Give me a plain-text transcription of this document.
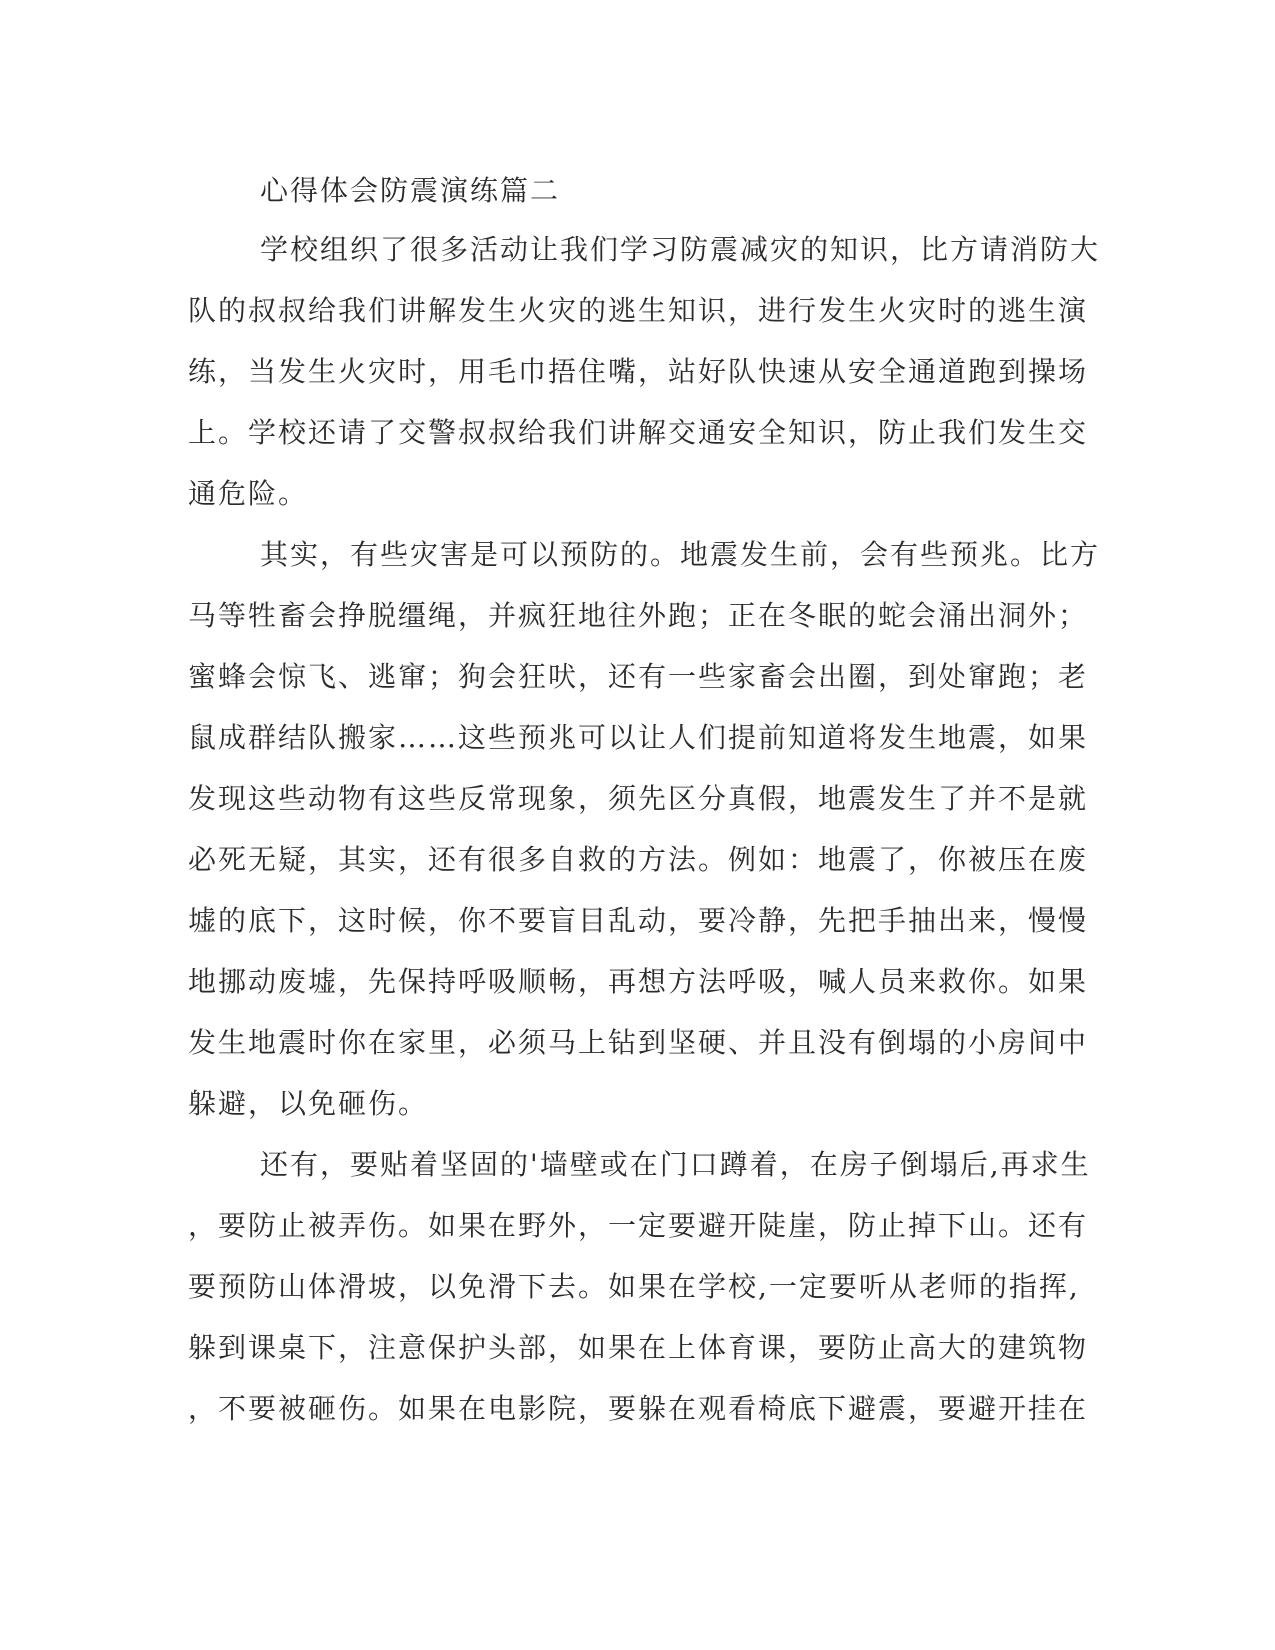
心得体会防震演练篇二

学校组织了很多活动让我们学习防震减灾的知识，比方请消防大
队的叔叔给我们讲解发生火灾的逃生知识，进行发生火灾时的逃生演
练，当发生火灾时，用毛巾捂住嘴，站好队快速从安全通道跑到操场
上。学校还请了交警叔叔给我们讲解交通安全知识，防止我们发生交
通危险。

其实，有些灾害是可以预防的。地震发生前，会有些预兆。比方
马等牲畜会挣脱缰绳，并疯狂地往外跑；正在冬眠的蛇会涌出洞外；
蜜蜂会惊飞、逃窜；狗会狂吠，还有一些家畜会出圈，到处窜跑；老
鼠成群结队搬家……这些预兆可以让人们提前知道将发生地震，如果
发现这些动物有这些反常现象，须先区分真假，地震发生了并不是就
必死无疑，其实，还有很多自救的方法。例如：地震了，你被压在废
墟的底下，这时候，你不要盲目乱动，要冷静，先把手抽出来，慢慢
地挪动废墟，先保持呼吸顺畅，再想方法呼吸，喊人员来救你。如果
发生地震时你在家里，必须马上钻到坚硬、并且没有倒塌的小房间中
躲避，以免砸伤。

还有，要贴着坚固的'墙壁或在门口蹲着，在房子倒塌后,再求生
，要防止被弄伤。如果在野外，一定要避开陡崖，防止掉下山。还有
要预防山体滑坡，以免滑下去。如果在学校,一定要听从老师的指挥,
躲到课桌下，注意保护头部，如果在上体育课，要防止高大的建筑物
，不要被砸伤。如果在电影院，要躲在观看椅底下避震，要避开挂在
